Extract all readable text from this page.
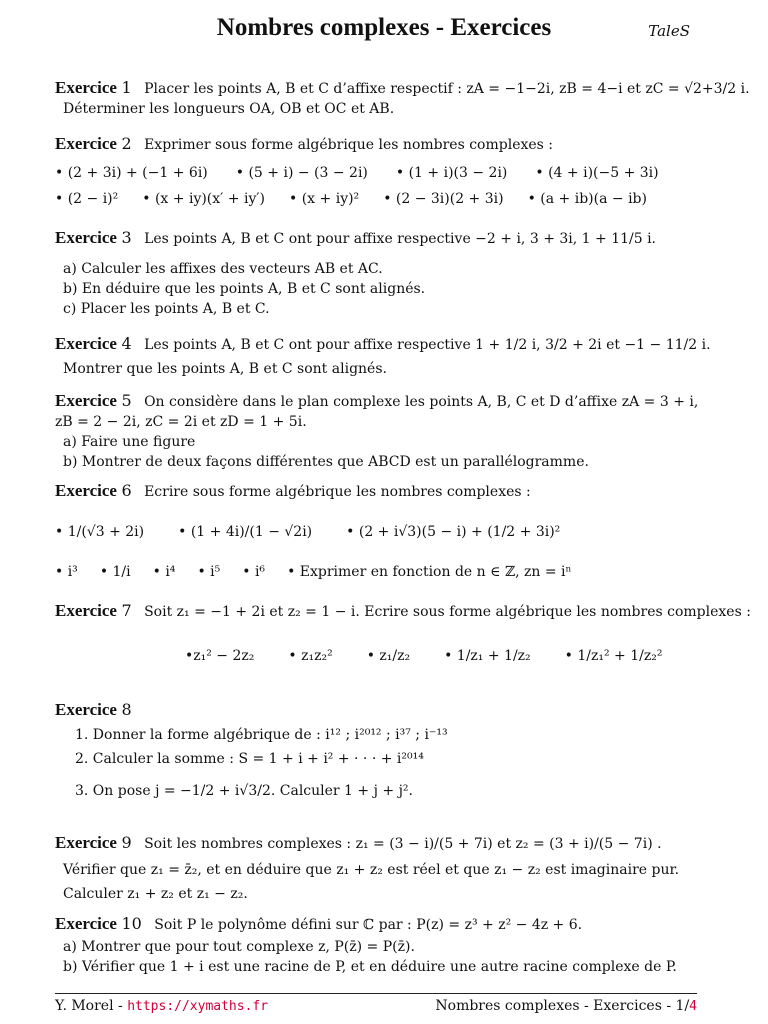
Nombres complexes - Exercices	TaleS
Exercice 1 Placer les points A, B et C d’affixe respectif : zA = −1−2i, zB = 4−i et zC = √2+3/2 i.
Déterminer les longueurs OA, OB et OC et AB.
Exercice 2 Exprimer sous forme algébrique les nombres complexes :
• (2 + 3i) + (−1 + 6i) • (5 + i) − (3 − 2i) • (1 + i)(3 − 2i) • (4 + i)(−5 + 3i)
• (2 − i)² • (x + iy)(x′ + iy′) • (x + iy)² • (2 − 3i)(2 + 3i) • (a + ib)(a − ib)
Exercice 3 Les points A, B et C ont pour affixe respective −2 + i, 3 + 3i, 1 + 11/5 i.
a) Calculer les affixes des vecteurs AB et AC.
b) En déduire que les points A, B et C sont alignés.
c) Placer les points A, B et C.
Exercice 4 Les points A, B et C ont pour affixe respective 1 + 1/2 i, 3/2 + 2i et −1 − 11/2 i.
Montrer que les points A, B et C sont alignés.
Exercice 5 On considère dans le plan complexe les points A, B, C et D d’affixe zA = 3 + i,
zB = 2 − 2i, zC = 2i et zD = 1 + 5i.
a) Faire une figure
b) Montrer de deux façons différentes que ABCD est un parallélogramme.
Exercice 6 Ecrire sous forme algébrique les nombres complexes :
• 1/(√3 + 2i) • (1 + 4i)/(1 − √2i) • (2 + i√3)(5 − i) + (1/2 + 3i)²
• i³ • 1/i • i⁴ • i⁵ • i⁶ • Exprimer en fonction de n ∈ ℤ, zn = iⁿ
Exercice 7 Soit z₁ = −1 + 2i et z₂ = 1 − i. Ecrire sous forme algébrique les nombres complexes :
•z₁² − 2z₂ • z₁z₂² • z₁/z₂ • 1/z₁ + 1/z₂ • 1/z₁² + 1/z₂²
Exercice 8
1. Donner la forme algébrique de : i¹² ; i²⁰¹² ; i³⁷ ; i⁻¹³
2. Calculer la somme : S = 1 + i + i² + · · · + i²⁰¹⁴
3. On pose j = −1/2 + i√3/2. Calculer 1 + j + j².
Exercice 9 Soit les nombres complexes : z₁ = (3 − i)/(5 + 7i) et z₂ = (3 + i)/(5 − 7i) .
Vérifier que z₁ = z̄₂, et en déduire que z₁ + z₂ est réel et que z₁ − z₂ est imaginaire pur.
Calculer z₁ + z₂ et z₁ − z₂.
Exercice 10 Soit P le polynôme défini sur ℂ par : P(z) = z³ + z² − 4z + 6.
a) Montrer que pour tout complexe z, P(z̄) = P(z̄).
b) Vérifier que 1 + i est une racine de P, et en déduire une autre racine complexe de P.
Y. Morel - https://xymaths.fr	Nombres complexes - Exercices - 1/4
